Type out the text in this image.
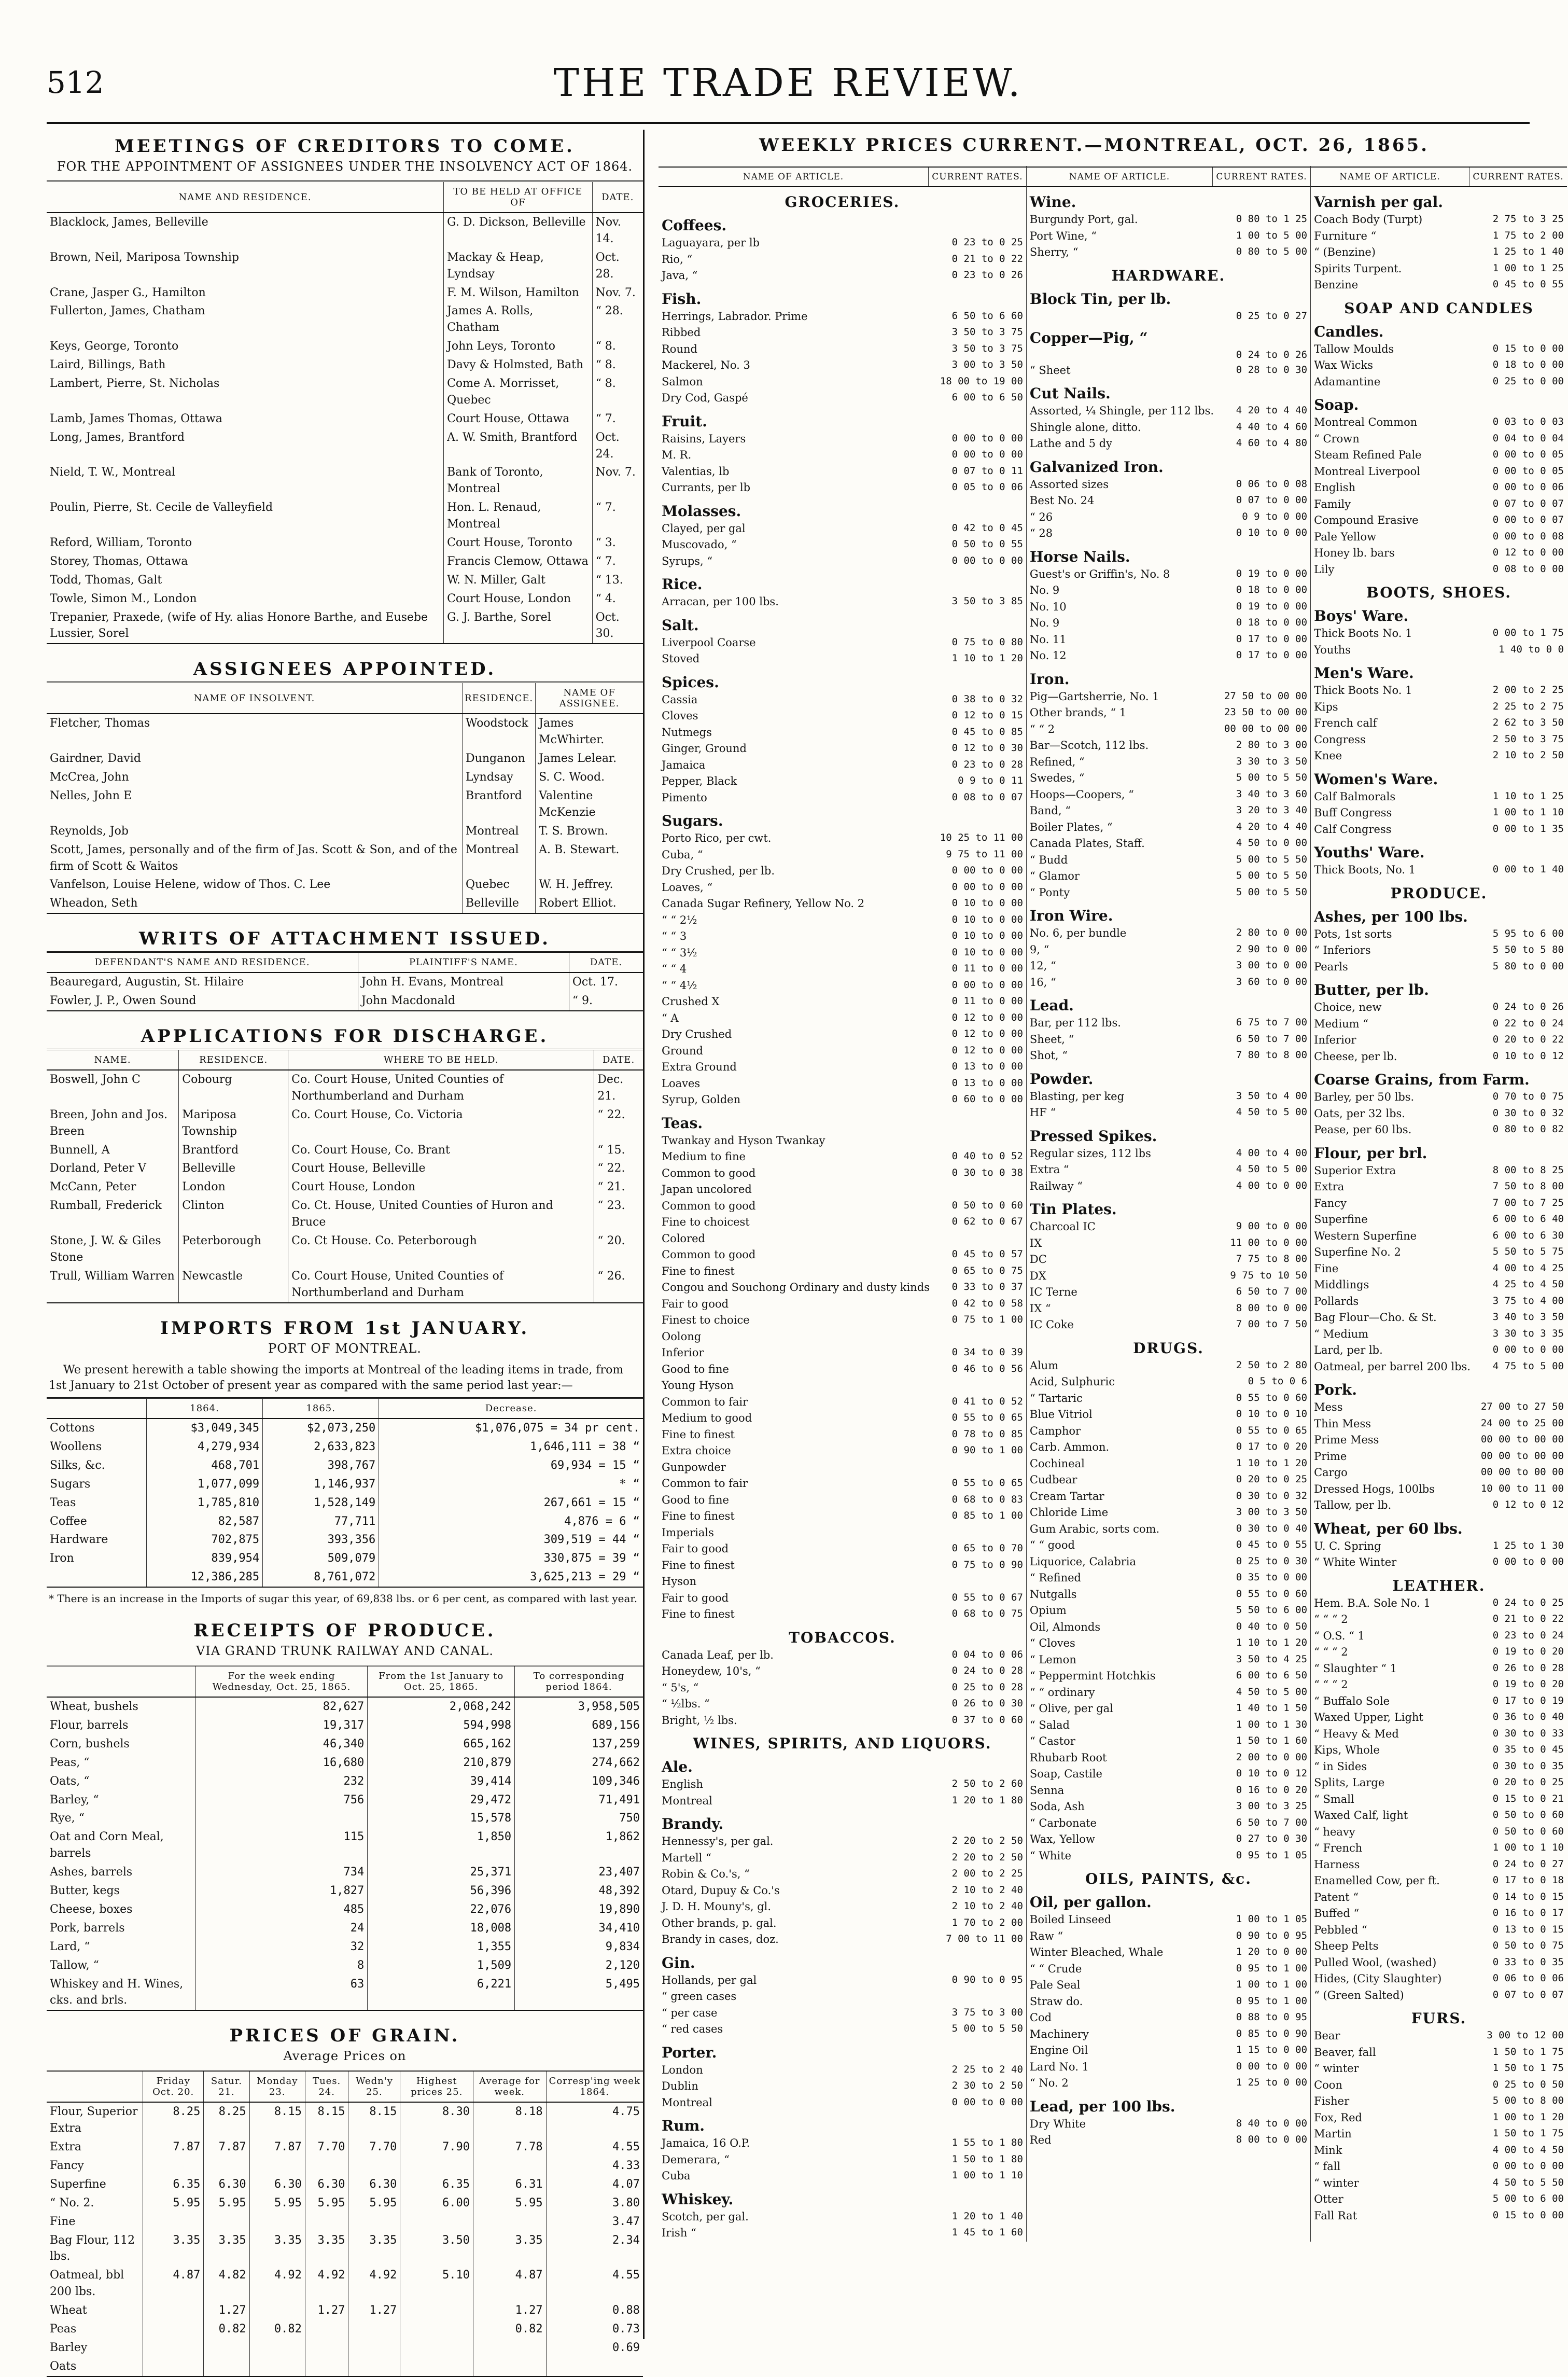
512	THE TRADE REVIEW.
MEETINGS OF CREDITORS TO COME.
FOR THE APPOINTMENT OF ASSIGNEES UNDER THE INSOLVENCY ACT OF 1864.
NAME AND RESIDENCE.	TO BE HELD AT OFFICE OF	DATE.
Blacklock, James, Belleville	G. D. Dickson, Belleville	Nov. 14.
Brown, Neil, Mariposa Township	Mackay & Heap, Lyndsay	Oct. 28.
Crane, Jasper G., Hamilton	F. M. Wilson, Hamilton	Nov. 7.
Fullerton, James, Chatham	James A. Rolls, Chatham	“ 28.
Keys, George, Toronto	John Leys, Toronto	“ 8.
Laird, Billings, Bath	Davy & Holmsted, Bath	“ 8.
Lambert, Pierre, St. Nicholas	Come A. Morrisset, Quebec	“ 8.
Lamb, James Thomas, Ottawa	Court House, Ottawa	“ 7.
Long, James, Brantford	A. W. Smith, Brantford	Oct. 24.
Nield, T. W., Montreal	Bank of Toronto, Montreal	Nov. 7.
Poulin, Pierre, St. Cecile de Valleyfield	Hon. L. Renaud, Montreal	“ 7.
Reford, William, Toronto	Court House, Toronto	“ 3.
Storey, Thomas, Ottawa	Francis Clemow, Ottawa	“ 7.
Todd, Thomas, Galt	W. N. Miller, Galt	“ 13.
Towle, Simon M., London	Court House, London	“ 4.
Trepanier, Praxede, (wife of Hy. alias Honore Barthe, and Eusebe Lussier, Sorel	G. J. Barthe, Sorel	Oct. 30.
ASSIGNEES APPOINTED.
NAME OF INSOLVENT.	RESIDENCE.	NAME OF ASSIGNEE.
Fletcher, Thomas	Woodstock	James McWhirter.
Gairdner, David	Dunganon	James Lelear.
McCrea, John	Lyndsay	S. C. Wood.
Nelles, John E	Brantford	Valentine McKenzie
Reynolds, Job	Montreal	T. S. Brown.
Scott, James, personally and of the firm of Jas. Scott & Son, and of the firm of Scott & Waitos	Montreal	A. B. Stewart.
Vanfelson, Louise Helene, widow of Thos. C. Lee	Quebec	W. H. Jeffrey.
Wheadon, Seth	Belleville	Robert Elliot.
WRITS OF ATTACHMENT ISSUED.
DEFENDANT'S NAME AND RESIDENCE.	PLAINTIFF'S NAME.	DATE.
Beauregard, Augustin, St. Hilaire	John H. Evans, Montreal	Oct. 17.
Fowler, J. P., Owen Sound	John Macdonald	“ 9.
APPLICATIONS FOR DISCHARGE.
NAME.	RESIDENCE.	WHERE TO BE HELD.	DATE.
Boswell, John C	Cobourg	Co. Court House, United Counties of Northumberland and Durham	Dec. 21.
Breen, John and Jos. Breen	Mariposa Township	Co. Court House, Co. Victoria	“ 22.
Bunnell, A	Brantford	Co. Court House, Co. Brant	“ 15.
Dorland, Peter V	Belleville	Court House, Belleville	“ 22.
McCann, Peter	London	Court House, London	“ 21.
Rumball, Frederick	Clinton	Co. Ct. House, United Counties of Huron and Bruce	“ 23.
Stone, J. W. & Giles Stone	Peterborough	Co. Ct House. Co. Peterborough	“ 20.
Trull, William Warren	Newcastle	Co. Court House, United Counties of Northumberland and Durham	“ 26.
IMPORTS FROM 1st JANUARY.
PORT OF MONTREAL.

We present herewith a table showing the imports at Montreal of the leading items in trade, from 1st January to 21st October of present year as compared with the same period last year:—

	1864.	1865.	Decrease.
Cottons	$3,049,345	$2,073,250	$1,076,075 = 34 pr cent.
Woollens	4,279,934	2,633,823	1,646,111 = 38 “
Silks, &c.	468,701	398,767	69,934 = 15 “
Sugars	1,077,099	1,146,937	* “
Teas	1,785,810	1,528,149	267,661 = 15 “
Coffee	82,587	77,711	4,876 = 6 “
Hardware	702,875	393,356	309,519 = 44 “
Iron	839,954	509,079	330,875 = 39 “
	12,386,285	8,761,072	3,625,213 = 29 “

* There is an increase in the Imports of sugar this year, of 69,838 lbs. or 6 per cent, as compared with last year.

RECEIPTS OF PRODUCE.
VIA GRAND TRUNK RAILWAY AND CANAL.
	For the week ending Wednesday, Oct. 25, 1865.	From the 1st January to Oct. 25, 1865.	To corresponding period 1864.
Wheat, bushels	82,627	2,068,242	3,958,505
Flour, barrels	19,317	594,998	689,156
Corn, bushels	46,340	665,162	137,259
Peas, “	16,680	210,879	274,662
Oats, “	232	39,414	109,346
Barley, “	756	29,472	71,491
Rye, “		15,578	750
Oat and Corn Meal, barrels	115	1,850	1,862
Ashes, barrels	734	25,371	23,407
Butter, kegs	1,827	56,396	48,392
Cheese, boxes	485	22,076	19,890
Pork, barrels	24	18,008	34,410
Lard, “	32	1,355	9,834
Tallow, “	8	1,509	2,120
Whiskey and H. Wines, cks. and brls.	63	6,221	5,495
PRICES OF GRAIN.
Average Prices on
	Friday Oct. 20.	Satur. 21.	Monday 23.	Tues. 24.	Wedn'y 25.	Highest prices 25.	Average for week.	Corresp'ing week 1864.
Flour, Superior Extra	8.25	8.25	8.15	8.15	8.15	8.30	8.18	4.75
Extra	7.87	7.87	7.87	7.70	7.70	7.90	7.78	4.55
Fancy								4.33
Superfine	6.35	6.30	6.30	6.30	6.30	6.35	6.31	4.07
“ No. 2.	5.95	5.95	5.95	5.95	5.95	6.00	5.95	3.80
Fine								3.47
Bag Flour, 112 lbs.	3.35	3.35	3.35	3.35	3.35	3.50	3.35	2.34
Oatmeal, bbl 200 lbs.	4.87	4.82	4.92	4.92	4.92	5.10	4.87	4.55
Wheat		1.27		1.27	1.27		1.27	0.88
Peas		0.82	0.82				0.82	0.73
Barley								0.69
Oats								
WEEKLY PRICES CURRENT.—MONTREAL, OCT. 26, 1865.
NAME OF ARTICLE.	CURRENT RATES.
GROCERIES.
Coffees.
Laguayara, per lb	0 23 to 0 25
Rio, “	0 21 to 0 22
Java, “	0 23 to 0 26
Fish.
Herrings, Labrador. Prime	6 50 to 6 60
Ribbed	3 50 to 3 75
Round	3 50 to 3 75
Mackerel, No. 3	3 00 to 3 50
Salmon	18 00 to 19 00
Dry Cod, Gaspé	6 00 to 6 50
Fruit.
Raisins, Layers	0 00 to 0 00
M. R.	0 00 to 0 00
Valentias, lb	0 07 to 0 11
Currants, per lb	0 05 to 0 06
Molasses.
Clayed, per gal	0 42 to 0 45
Muscovado, “	0 50 to 0 55
Syrups, “	0 00 to 0 00
Rice.
Arracan, per 100 lbs.	3 50 to 3 85
Salt.
Liverpool Coarse	0 75 to 0 80
Stoved	1 10 to 1 20
Spices.
Cassia	0 38 to 0 32
Cloves	0 12 to 0 15
Nutmegs	0 45 to 0 85
Ginger, Ground	0 12 to 0 30
Jamaica	0 23 to 0 28
Pepper, Black	0 9 to 0 11
Pimento	0 08 to 0 07
Sugars.
Porto Rico, per cwt.	10 25 to 11 00
Cuba, “	9 75 to 11 00
Dry Crushed, per lb.	0 00 to 0 00
Loaves, “	0 00 to 0 00
Canada Sugar Refinery, Yellow No. 2	0 10 to 0 00
“ “ 2½	0 10 to 0 00
“ “ 3	0 10 to 0 00
“ “ 3½	0 10 to 0 00
“ “ 4	0 11 to 0 00
“ “ 4½	0 00 to 0 00
Crushed X	0 11 to 0 00
“ A	0 12 to 0 00
Dry Crushed	0 12 to 0 00
Ground	0 12 to 0 00
Extra Ground	0 13 to 0 00
Loaves	0 13 to 0 00
Syrup, Golden	0 60 to 0 00
Teas.
Twankay and Hyson Twankay
Medium to fine	0 40 to 0 52
Common to good	0 30 to 0 38
Japan uncolored
Common to good	0 50 to 0 60
Fine to choicest	0 62 to 0 67
Colored
Common to good	0 45 to 0 57
Fine to finest	0 65 to 0 75
Congou and Souchong Ordinary and dusty kinds	0 33 to 0 37
Fair to good	0 42 to 0 58
Finest to choice	0 75 to 1 00
Oolong
Inferior	0 34 to 0 39
Good to fine	0 46 to 0 56
Young Hyson
Common to fair	0 41 to 0 52
Medium to good	0 55 to 0 65
Fine to finest	0 78 to 0 85
Extra choice	0 90 to 1 00
Gunpowder
Common to fair	0 55 to 0 65
Good to fine	0 68 to 0 83
Fine to finest	0 85 to 1 00
Imperials
Fair to good	0 65 to 0 70
Fine to finest	0 75 to 0 90
Hyson
Fair to good	0 55 to 0 67
Fine to finest	0 68 to 0 75
TOBACCOS.
Canada Leaf, per lb.	0 04 to 0 06
Honeydew, 10's, “	0 24 to 0 28
“ 5's, “	0 25 to 0 28
“ ½lbs. “	0 26 to 0 30
Bright, ½ lbs.	0 37 to 0 60
WINES, SPIRITS, AND LIQUORS.
Ale.
English	2 50 to 2 60
Montreal	1 20 to 1 80
Brandy.
Hennessy's, per gal.	2 20 to 2 50
Martell “	2 20 to 2 50
Robin & Co.'s, “	2 00 to 2 25
Otard, Dupuy & Co.'s	2 10 to 2 40
J. D. H. Mouny's, gl.	2 10 to 2 40
Other brands, p. gal.	1 70 to 2 00
Brandy in cases, doz.	7 00 to 11 00
Gin.
Hollands, per gal	0 90 to 0 95
“ green cases
“ per case	3 75 to 3 00
“ red cases	5 00 to 5 50
Porter.
London	2 25 to 2 40
Dublin	2 30 to 2 50
Montreal	0 00 to 0 00
Rum.
Jamaica, 16 O.P.	1 55 to 1 80
Demerara, “	1 50 to 1 80
Cuba	1 00 to 1 10
Whiskey.
Scotch, per gal.	1 20 to 1 40
Irish “	1 45 to 1 60
NAME OF ARTICLE.	CURRENT RATES.
Wine.
Burgundy Port, gal.	0 80 to 1 25
Port Wine, “	1 00 to 5 00
Sherry, “	0 80 to 5 00
HARDWARE.
Block Tin, per lb.
0 25 to 0 27
Copper—Pig, “
0 24 to 0 26
“ Sheet	0 28 to 0 30
Cut Nails.
Assorted, ¼ Shingle, per 112 lbs.	4 20 to 4 40
Shingle alone, ditto.	4 40 to 4 60
Lathe and 5 dy	4 60 to 4 80
Galvanized Iron.
Assorted sizes	0 06 to 0 08
Best No. 24	0 07 to 0 00
“ 26	0 9 to 0 00
“ 28	0 10 to 0 00
Horse Nails.
Guest's or Griffin's, No. 8	0 19 to 0 00
No. 9	0 18 to 0 00
No. 10	0 19 to 0 00
No. 9	0 18 to 0 00
No. 11	0 17 to 0 00
No. 12	0 17 to 0 00
Iron.
Pig—Gartsherrie, No. 1	27 50 to 00 00
Other brands, “ 1	23 50 to 00 00
“ “ 2	00 00 to 00 00
Bar—Scotch, 112 lbs.	2 80 to 3 00
Refined, “	3 30 to 3 50
Swedes, “	5 00 to 5 50
Hoops—Coopers, “	3 40 to 3 60
Band, “	3 20 to 3 40
Boiler Plates, “	4 20 to 4 40
Canada Plates, Staff.	4 50 to 0 00
“ Budd	5 00 to 5 50
“ Glamor	5 00 to 5 50
“ Ponty	5 00 to 5 50
Iron Wire.
No. 6, per bundle	2 80 to 0 00
9, “	2 90 to 0 00
12, “	3 00 to 0 00
16, “	3 60 to 0 00
Lead.
Bar, per 112 lbs.	6 75 to 7 00
Sheet, “	6 50 to 7 00
Shot, “	7 80 to 8 00
Powder.
Blasting, per keg	3 50 to 4 00
HF “	4 50 to 5 00
Pressed Spikes.
Regular sizes, 112 lbs	4 00 to 4 00
Extra “	4 50 to 5 00
Railway “	4 00 to 0 00
Tin Plates.
Charcoal IC	9 00 to 0 00
IX	11 00 to 0 00
DC	7 75 to 8 00
DX	9 75 to 10 50
IC Terne	6 50 to 7 00
IX “	8 00 to 0 00
IC Coke	7 00 to 7 50
DRUGS.
Alum	2 50 to 2 80
Acid, Sulphuric	0 5 to 0 6
“ Tartaric	0 55 to 0 60
Blue Vitriol	0 10 to 0 10
Camphor	0 55 to 0 65
Carb. Ammon.	0 17 to 0 20
Cochineal	1 10 to 1 20
Cudbear	0 20 to 0 25
Cream Tartar	0 30 to 0 32
Chloride Lime	3 00 to 3 50
Gum Arabic, sorts com.	0 30 to 0 40
“ “ good	0 45 to 0 55
Liquorice, Calabria	0 25 to 0 30
“ Refined	0 35 to 0 00
Nutgalls	0 55 to 0 60
Opium	5 50 to 6 00
Oil, Almonds	0 40 to 0 50
“ Cloves	1 10 to 1 20
“ Lemon	3 50 to 4 25
“ Peppermint Hotchkis	6 00 to 6 50
“ “ ordinary	4 50 to 5 00
“ Olive, per gal	1 40 to 1 50
“ Salad	1 00 to 1 30
“ Castor	1 50 to 1 60
Rhubarb Root	2 00 to 0 00
Soap, Castile	0 10 to 0 12
Senna	0 16 to 0 20
Soda, Ash	3 00 to 3 25
“ Carbonate	6 50 to 7 00
Wax, Yellow	0 27 to 0 30
“ White	0 95 to 1 05
OILS, PAINTS, &c.
Oil, per gallon.
Boiled Linseed	1 00 to 1 05
Raw “	0 90 to 0 95
Winter Bleached, Whale	1 20 to 0 00
“ “ Crude	0 95 to 1 00
Pale Seal	1 00 to 1 00
Straw do.	0 95 to 1 00
Cod	0 88 to 0 95
Machinery	0 85 to 0 90
Engine Oil	1 15 to 0 00
Lard No. 1	0 00 to 0 00
“ No. 2	1 25 to 0 00
Lead, per 100 lbs.
Dry White	8 40 to 0 00
Red	8 00 to 0 00
NAME OF ARTICLE.	CURRENT RATES.
Varnish per gal.
Coach Body (Turpt)	2 75 to 3 25
Furniture “	1 75 to 2 00
“ (Benzine)	1 25 to 1 40
Spirits Turpent.	1 00 to 1 25
Benzine	0 45 to 0 55
SOAP AND CANDLES
Candles.
Tallow Moulds	0 15 to 0 00
Wax Wicks	0 18 to 0 00
Adamantine	0 25 to 0 00
Soap.
Montreal Common	0 03 to 0 03
“ Crown	0 04 to 0 04
Steam Refined Pale	0 00 to 0 05
Montreal Liverpool	0 00 to 0 05
English	0 00 to 0 06
Family	0 07 to 0 07
Compound Erasive	0 00 to 0 07
Pale Yellow	0 00 to 0 08
Honey lb. bars	0 12 to 0 00
Lily	0 08 to 0 00
BOOTS, SHOES.
Boys' Ware.
Thick Boots No. 1	0 00 to 1 75
Youths	1 40 to 0 0
Men's Ware.
Thick Boots No. 1	2 00 to 2 25
Kips	2 25 to 2 75
French calf	2 62 to 3 50
Congress	2 50 to 3 75
Knee	2 10 to 2 50
Women's Ware.
Calf Balmorals	1 10 to 1 25
Buff Congress	1 00 to 1 10
Calf Congress	0 00 to 1 35
Youths' Ware.
Thick Boots, No. 1	0 00 to 1 40
PRODUCE.
Ashes, per 100 lbs.
Pots, 1st sorts	5 95 to 6 00
“ Inferiors	5 50 to 5 80
Pearls	5 80 to 0 00
Butter, per lb.
Choice, new	0 24 to 0 26
Medium “	0 22 to 0 24
Inferior	0 20 to 0 22
Cheese, per lb.	0 10 to 0 12
Coarse Grains, from Farm.
Barley, per 50 lbs.	0 70 to 0 75
Oats, per 32 lbs.	0 30 to 0 32
Pease, per 60 lbs.	0 80 to 0 82
Flour, per brl.
Superior Extra	8 00 to 8 25
Extra	7 50 to 8 00
Fancy	7 00 to 7 25
Superfine	6 00 to 6 40
Western Superfine	6 00 to 6 30
Superfine No. 2	5 50 to 5 75
Fine	4 00 to 4 25
Middlings	4 25 to 4 50
Pollards	3 75 to 4 00
Bag Flour—Cho. & St.	3 40 to 3 50
“ Medium	3 30 to 3 35
Lard, per lb.	0 00 to 0 00
Oatmeal, per barrel 200 lbs.	4 75 to 5 00
Pork.
Mess	27 00 to 27 50
Thin Mess	24 00 to 25 00
Prime Mess	00 00 to 00 00
Prime	00 00 to 00 00
Cargo	00 00 to 00 00
Dressed Hogs, 100lbs	10 00 to 11 00
Tallow, per lb.	0 12 to 0 12
Wheat, per 60 lbs.
U. C. Spring	1 25 to 1 30
“ White Winter	0 00 to 0 00
LEATHER.
Hem. B.A. Sole No. 1	0 24 to 0 25
“ “ “ 2	0 21 to 0 22
“ O.S. “ 1	0 23 to 0 24
“ “ “ 2	0 19 to 0 20
“ Slaughter “ 1	0 26 to 0 28
“ “ “ 2	0 19 to 0 20
“ Buffalo Sole	0 17 to 0 19
Waxed Upper, Light	0 36 to 0 40
“ Heavy & Med	0 30 to 0 33
Kips, Whole	0 35 to 0 45
“ in Sides	0 30 to 0 35
Splits, Large	0 20 to 0 25
“ Small	0 15 to 0 21
Waxed Calf, light	0 50 to 0 60
“ heavy	0 50 to 0 60
“ French	1 00 to 1 10
Harness	0 24 to 0 27
Enamelled Cow, per ft.	0 17 to 0 18
Patent “	0 14 to 0 15
Buffed “	0 16 to 0 17
Pebbled “	0 13 to 0 15
Sheep Pelts	0 50 to 0 75
Pulled Wool, (washed)	0 33 to 0 35
Hides, (City Slaughter)	0 06 to 0 06
“ (Green Salted)	0 07 to 0 07
FURS.
Bear	3 00 to 12 00
Beaver, fall	1 50 to 1 75
“ winter	1 50 to 1 75
Coon	0 25 to 0 50
Fisher	5 00 to 8 00
Fox, Red	1 00 to 1 20
Martin	1 50 to 1 75
Mink	4 00 to 4 50
“ fall	0 00 to 0 00
“ winter	4 50 to 5 50
Otter	5 00 to 6 00
Fall Rat	0 15 to 0 00
